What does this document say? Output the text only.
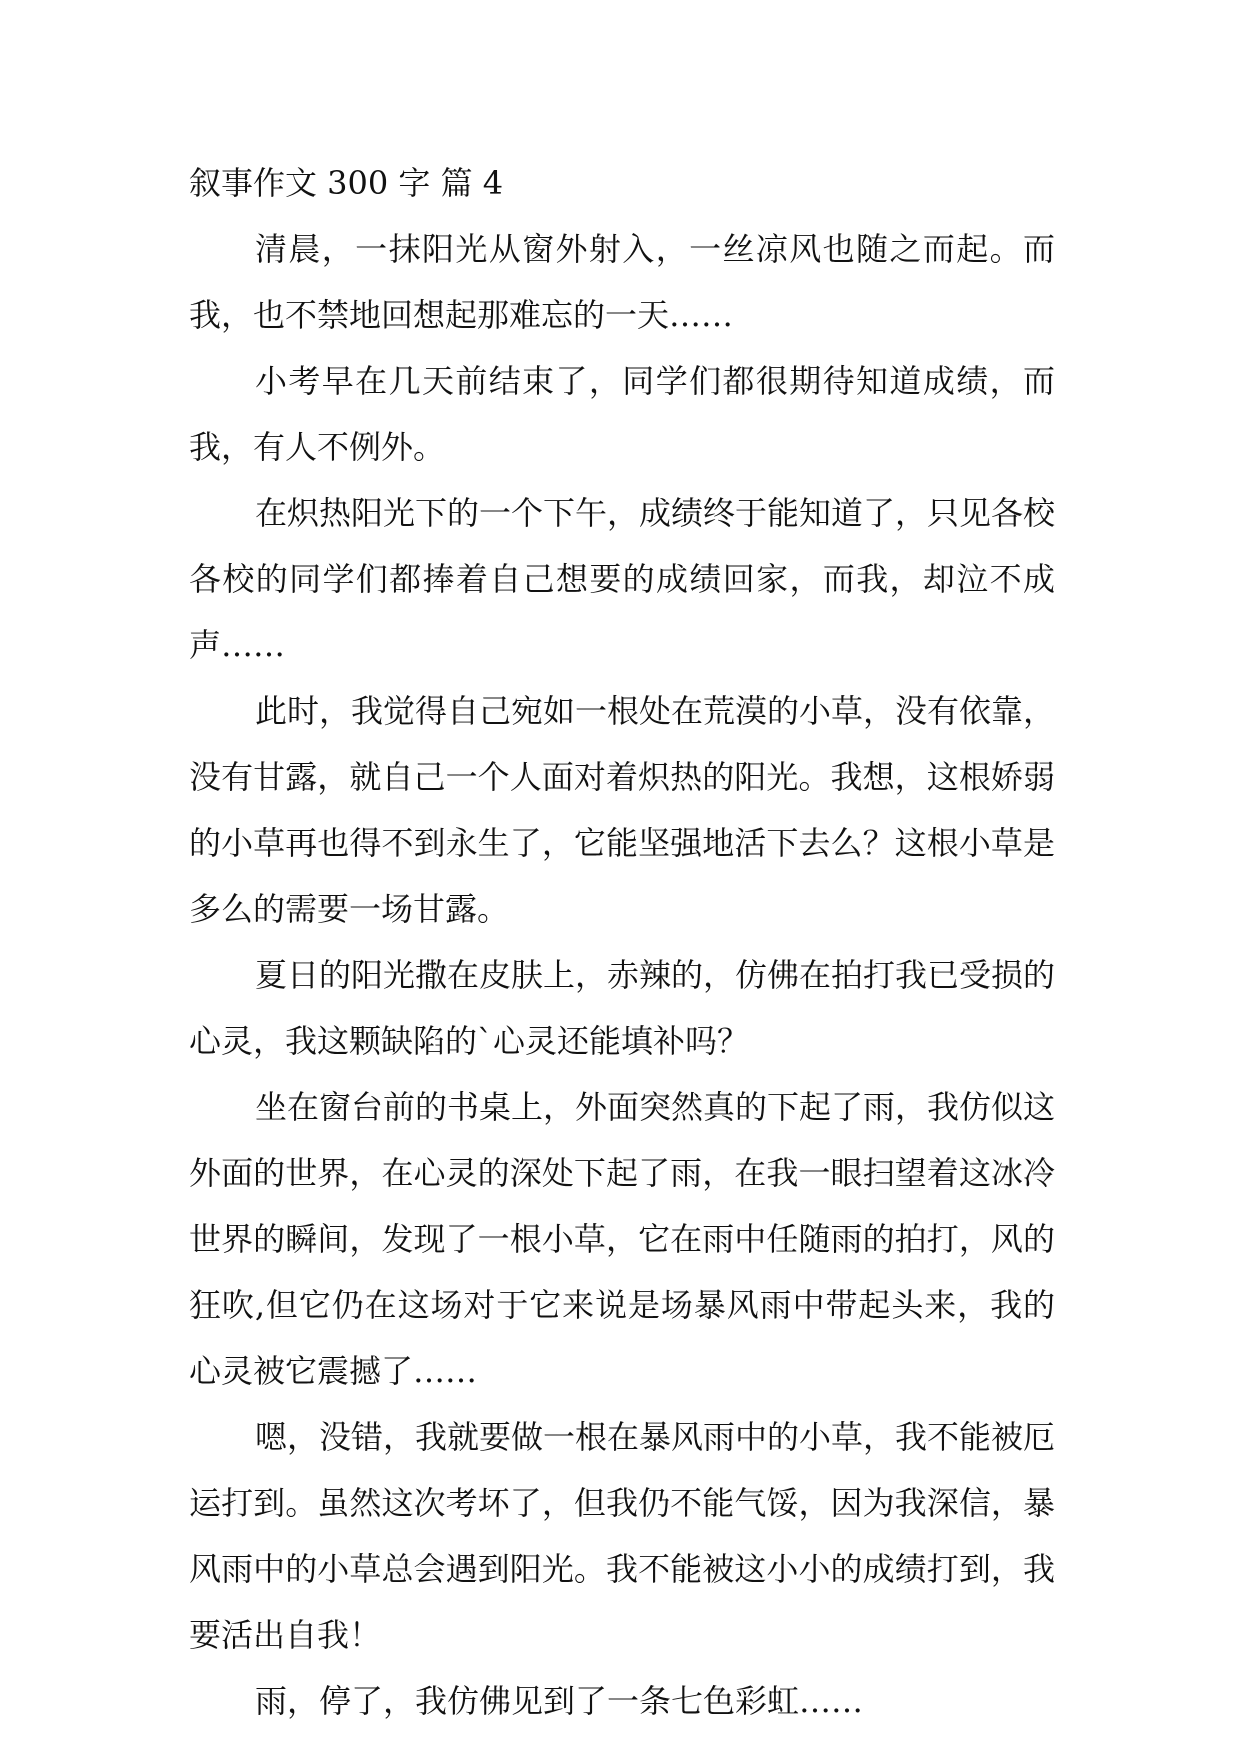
叙事作文 300 字 篇 4

清晨，一抹阳光从窗外射入，一丝凉风也随之而起。而我，也不禁地回想起那难忘的一天……

小考早在几天前结束了，同学们都很期待知道成绩，而我，有人不例外。

在炽热阳光下的一个下午，成绩终于能知道了，只见各校各校的同学们都捧着自己想要的成绩回家，而我，却泣不成声……

此时，我觉得自己宛如一根处在荒漠的小草，没有依靠，没有甘露，就自己一个人面对着炽热的阳光。我想，这根娇弱的小草再也得不到永生了，它能坚强地活下去么？这根小草是多么的需要一场甘露。

夏日的阳光撒在皮肤上，赤辣的，仿佛在拍打我已受损的心灵，我这颗缺陷的`心灵还能填补吗？

坐在窗台前的书桌上，外面突然真的下起了雨，我仿似这外面的世界，在心灵的深处下起了雨，在我一眼扫望着这冰冷世界的瞬间，发现了一根小草，它在雨中任随雨的拍打，风的狂吹,但它仍在这场对于它来说是场暴风雨中带起头来，我的心灵被它震撼了……

嗯，没错，我就要做一根在暴风雨中的小草，我不能被厄运打到。虽然这次考坏了，但我仍不能气馁，因为我深信，暴风雨中的小草总会遇到阳光。我不能被这小小的成绩打到，我要活出自我！

雨，停了，我仿佛见到了一条七色彩虹……
